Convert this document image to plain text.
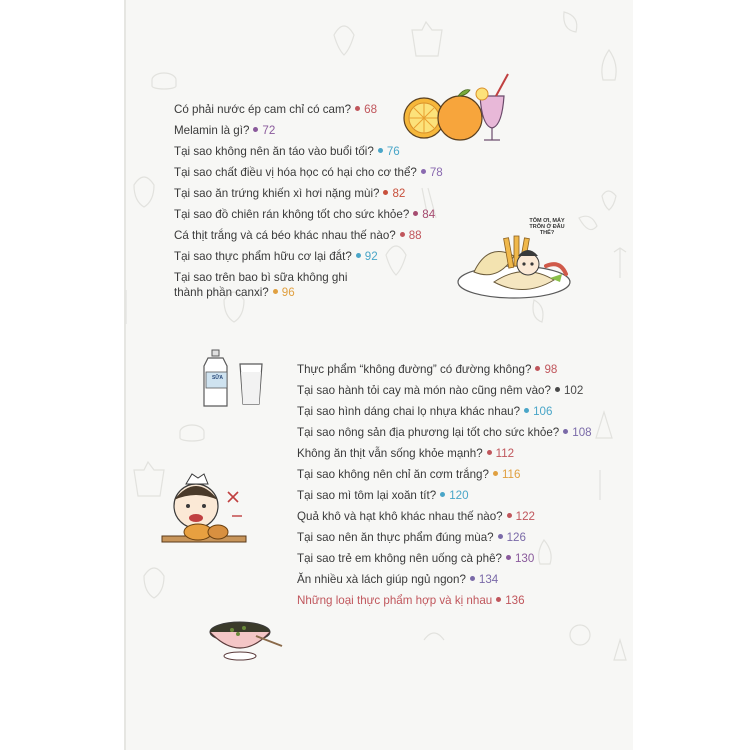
TÔM ƠI, MÁY TRÔN Ở ĐÂU THẾ?
SỮA
Có phải nước ép cam chỉ có cam? 68
Melamin là gì? 72
Tại sao không nên ăn táo vào buổi tối? 76
Tại sao chất điều vị hóa học có hại cho cơ thể? 78
Tại sao ăn trứng khiến xì hơi nặng mùi? 82
Tại sao đồ chiên rán không tốt cho sức khỏe? 84
Cá thịt trắng và cá béo khác nhau thế nào? 88
Tại sao thực phẩm hữu cơ lại đắt? 92
Tại sao trên bao bì sữa không ghi
thành phần canxi? 96
Thực phẩm “không đường” có đường không? 98
Tại sao hành tỏi cay mà món nào cũng nêm vào? 102
Tại sao hình dáng chai lọ nhựa khác nhau? 106
Tại sao nông sản địa phương lại tốt cho sức khỏe? 108
Không ăn thịt vẫn sống khỏe mạnh? 112
Tại sao không nên chỉ ăn cơm trắng? 116
Tại sao mì tôm lại xoăn tít? 120
Quả khô và hạt khô khác nhau thế nào? 122
Tại sao nên ăn thực phẩm đúng mùa? 126
Tại sao trẻ em không nên uống cà phê? 130
Ăn nhiều xà lách giúp ngủ ngon? 134
Những loại thực phẩm hợp và kị nhau 136
